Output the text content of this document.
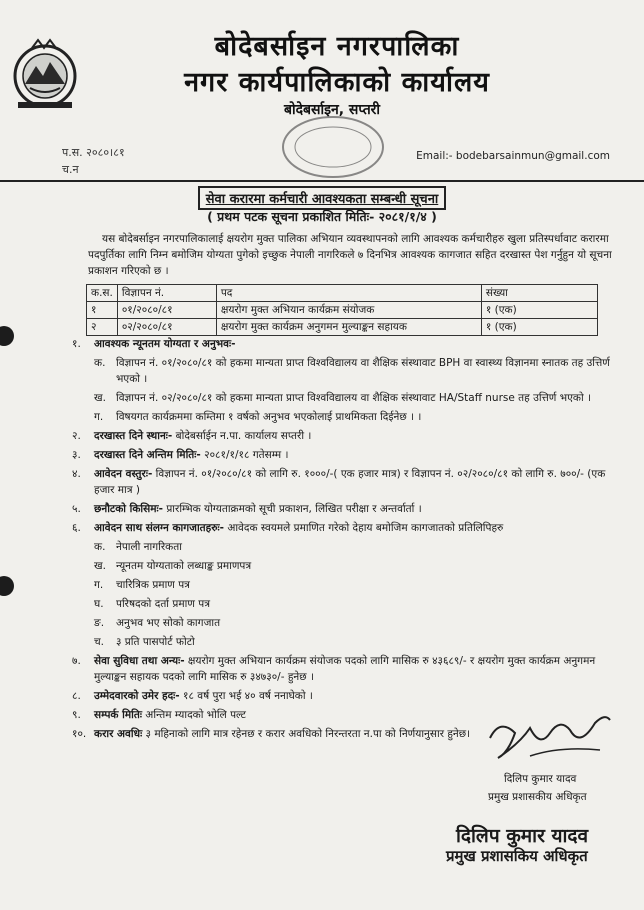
बोदेबर्साइन नगरपालिका
नगर कार्यपालिकाको कार्यालय
बोदेबर्साइन, सप्तरी
प.स. २०८०।८१
च.न
Email:- bodebarsainmun@gmail.com
सेवा करारमा कर्मचारी आवश्यकता सम्बन्धी सूचना
( प्रथम पटक सूचना प्रकाशित मितिः- २०८१/१/४ )
यस बोदेबर्साइन नगरपालिकालाई क्षयरोग मुक्त पालिका अभियान व्यवस्थापनको लागि आवश्यक कर्मचारीहरु खुला प्रतिस्पर्धावाट करारमा पदपुर्तिका लागि निम्न बमोजिम योग्यता पुगेको इच्छुक नेपाली नागरिकले ७ दिनभित्र आवश्यक कागजात सहित दरखास्त पेश गर्नुहुन यो सूचना प्रकाशन गरिएको छ ।
क.स.	विज्ञापन नं.	पद	संख्या
१	०१/२०८०/८१	क्षयरोग मुक्त अभियान कार्यक्रम संयोजक	१ (एक)
२	०२/२०८०/८१	क्षयरोग मुक्त कार्यक्रम अनुगमन मुल्याङ्कन सहायक	१ (एक)
१.	आवश्यक न्यूनतम योग्यता र अनुभवः-
क.	विज्ञापन नं. ०१/२०८०/८१ को हकमा मान्यता प्राप्त विश्वविद्यालय वा शैक्षिक संस्थावाट BPH वा स्वास्थ्य विज्ञानमा स्नातक तह उत्तिर्ण भएको ।
ख. विज्ञापन नं. ०२/२०८०/८१ को हकमा मान्यता प्राप्त विश्वविद्यालय वा शैक्षिक संस्थावाट HA/Staff nurse तह उत्तिर्ण भएको ।
ग.	विषयगत कार्यक्रममा कम्तिमा १ वर्षको अनुभव भएकोलाई प्राथमिकता दिईनेछ । ।
२.	दरखास्त दिने स्थानः- बोदेबर्साईन न.पा. कार्यालय सप्तरी ।
३.	दरखास्त दिने अन्तिम मितिः- २०८१/१/१८ गतेसम्म ।
४.	आवेदन वस्तुरः- विज्ञापन नं. ०१/२०८०/८१ को लागि रु. १०००/-( एक हजार मात्र) र विज्ञापन नं. ०२/२०८०/८१ को लागि रु. ७००/- (एक हजार मात्र )
५.	छनौटको किसिमः- प्रारम्भिक योग्यताक्रमको सूची प्रकाशन, लिखित परीक्षा र अन्तर्वार्ता ।
६.	आवेदन साथ संलग्न कागजातहरुः- आवेदक स्वयमले प्रमाणित गरेको देहाय बमोजिम कागजातको प्रतिलिपिहरु
क.	नेपाली नागरिकता
ख. न्यूनतम योग्यताको लब्धाङ्क प्रमाणपत्र
ग.	चारित्रिक प्रमाण पत्र
घ.	परिषदको दर्ता प्रमाण पत्र
ङ.	अनुभव भए सोको कागजात
च.	३ प्रति पासपोर्ट फोटो
७.	सेवा सुविधा तथा अन्यः- क्षयरोग मुक्त अभियान कार्यक्रम संयोजक पदको लागि मासिक रु ४३६८९/- र क्षयरोग मुक्त कार्यक्रम अनुगमन मुल्याङ्कन सहायक पदको लागि मासिक रु ३४७३०/- हुनेछ ।
८.	उम्मेदवारको उमेर हदः- १८ वर्ष पुरा भई ४० वर्ष ननाघेको ।
९.	सम्पर्क मितिः अन्तिम म्यादको भोलि पल्ट
१०. करार अवधिः ३ महिनाको लागि मात्र रहेनछ र करार अवधिको निरन्तरता न.पा को निर्णयानुसार हुनेछ।
दिलिप कुमार यादव
प्रमुख प्रशासकीय अधिकृत
दिलिप कुमार यादव
प्रमुख प्रशासकिय अधिकृत
